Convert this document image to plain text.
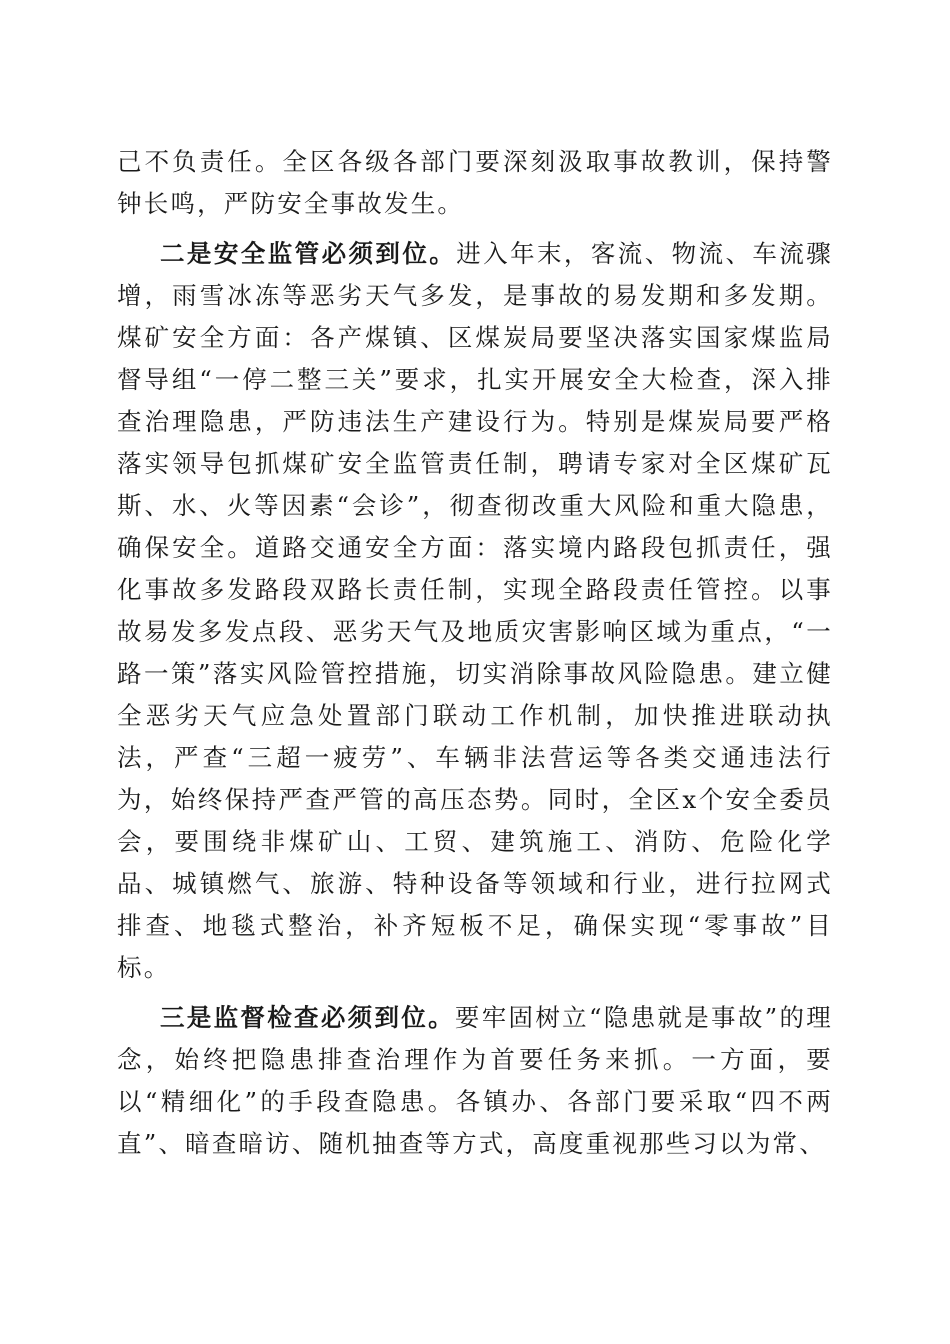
己不负责任。全区各级各部门要深刻汲取事故教训，保持警钟长鸣，严防安全事故发生。

二是安全监管必须到位。进入年末，客流、物流、车流骤增，雨雪冰冻等恶劣天气多发，是事故的易发期和多发期。煤矿安全方面：各产煤镇、区煤炭局要坚决落实国家煤监局督导组“一停二整三关”要求，扎实开展安全大检查，深入排查治理隐患，严防违法生产建设行为。特别是煤炭局要严格落实领导包抓煤矿安全监管责任制，聘请专家对全区煤矿瓦斯、水、火等因素“会诊”，彻查彻改重大风险和重大隐患，确保安全。道路交通安全方面：落实境内路段包抓责任，强化事故多发路段双路长责任制，实现全路段责任管控。以事故易发多发点段、恶劣天气及地质灾害影响区域为重点，“一路一策”落实风险管控措施，切实消除事故风险隐患。建立健全恶劣天气应急处置部门联动工作机制，加快推进联动执法，严查“三超一疲劳”、车辆非法营运等各类交通违法行为，始终保持严查严管的高压态势。同时，全区x个安全委员会，要围绕非煤矿山、工贸、建筑施工、消防、危险化学品、城镇燃气、旅游、特种设备等领域和行业，进行拉网式排查、地毯式整治，补齐短板不足，确保实现“零事故”目标。

三是监督检查必须到位。要牢固树立“隐患就是事故”的理念，始终把隐患排查治理作为首要任务来抓。一方面，要以“精细化”的手段查隐患。各镇办、各部门要采取“四不两直”、暗查暗访、随机抽查等方式，高度重视那些习以为常、
